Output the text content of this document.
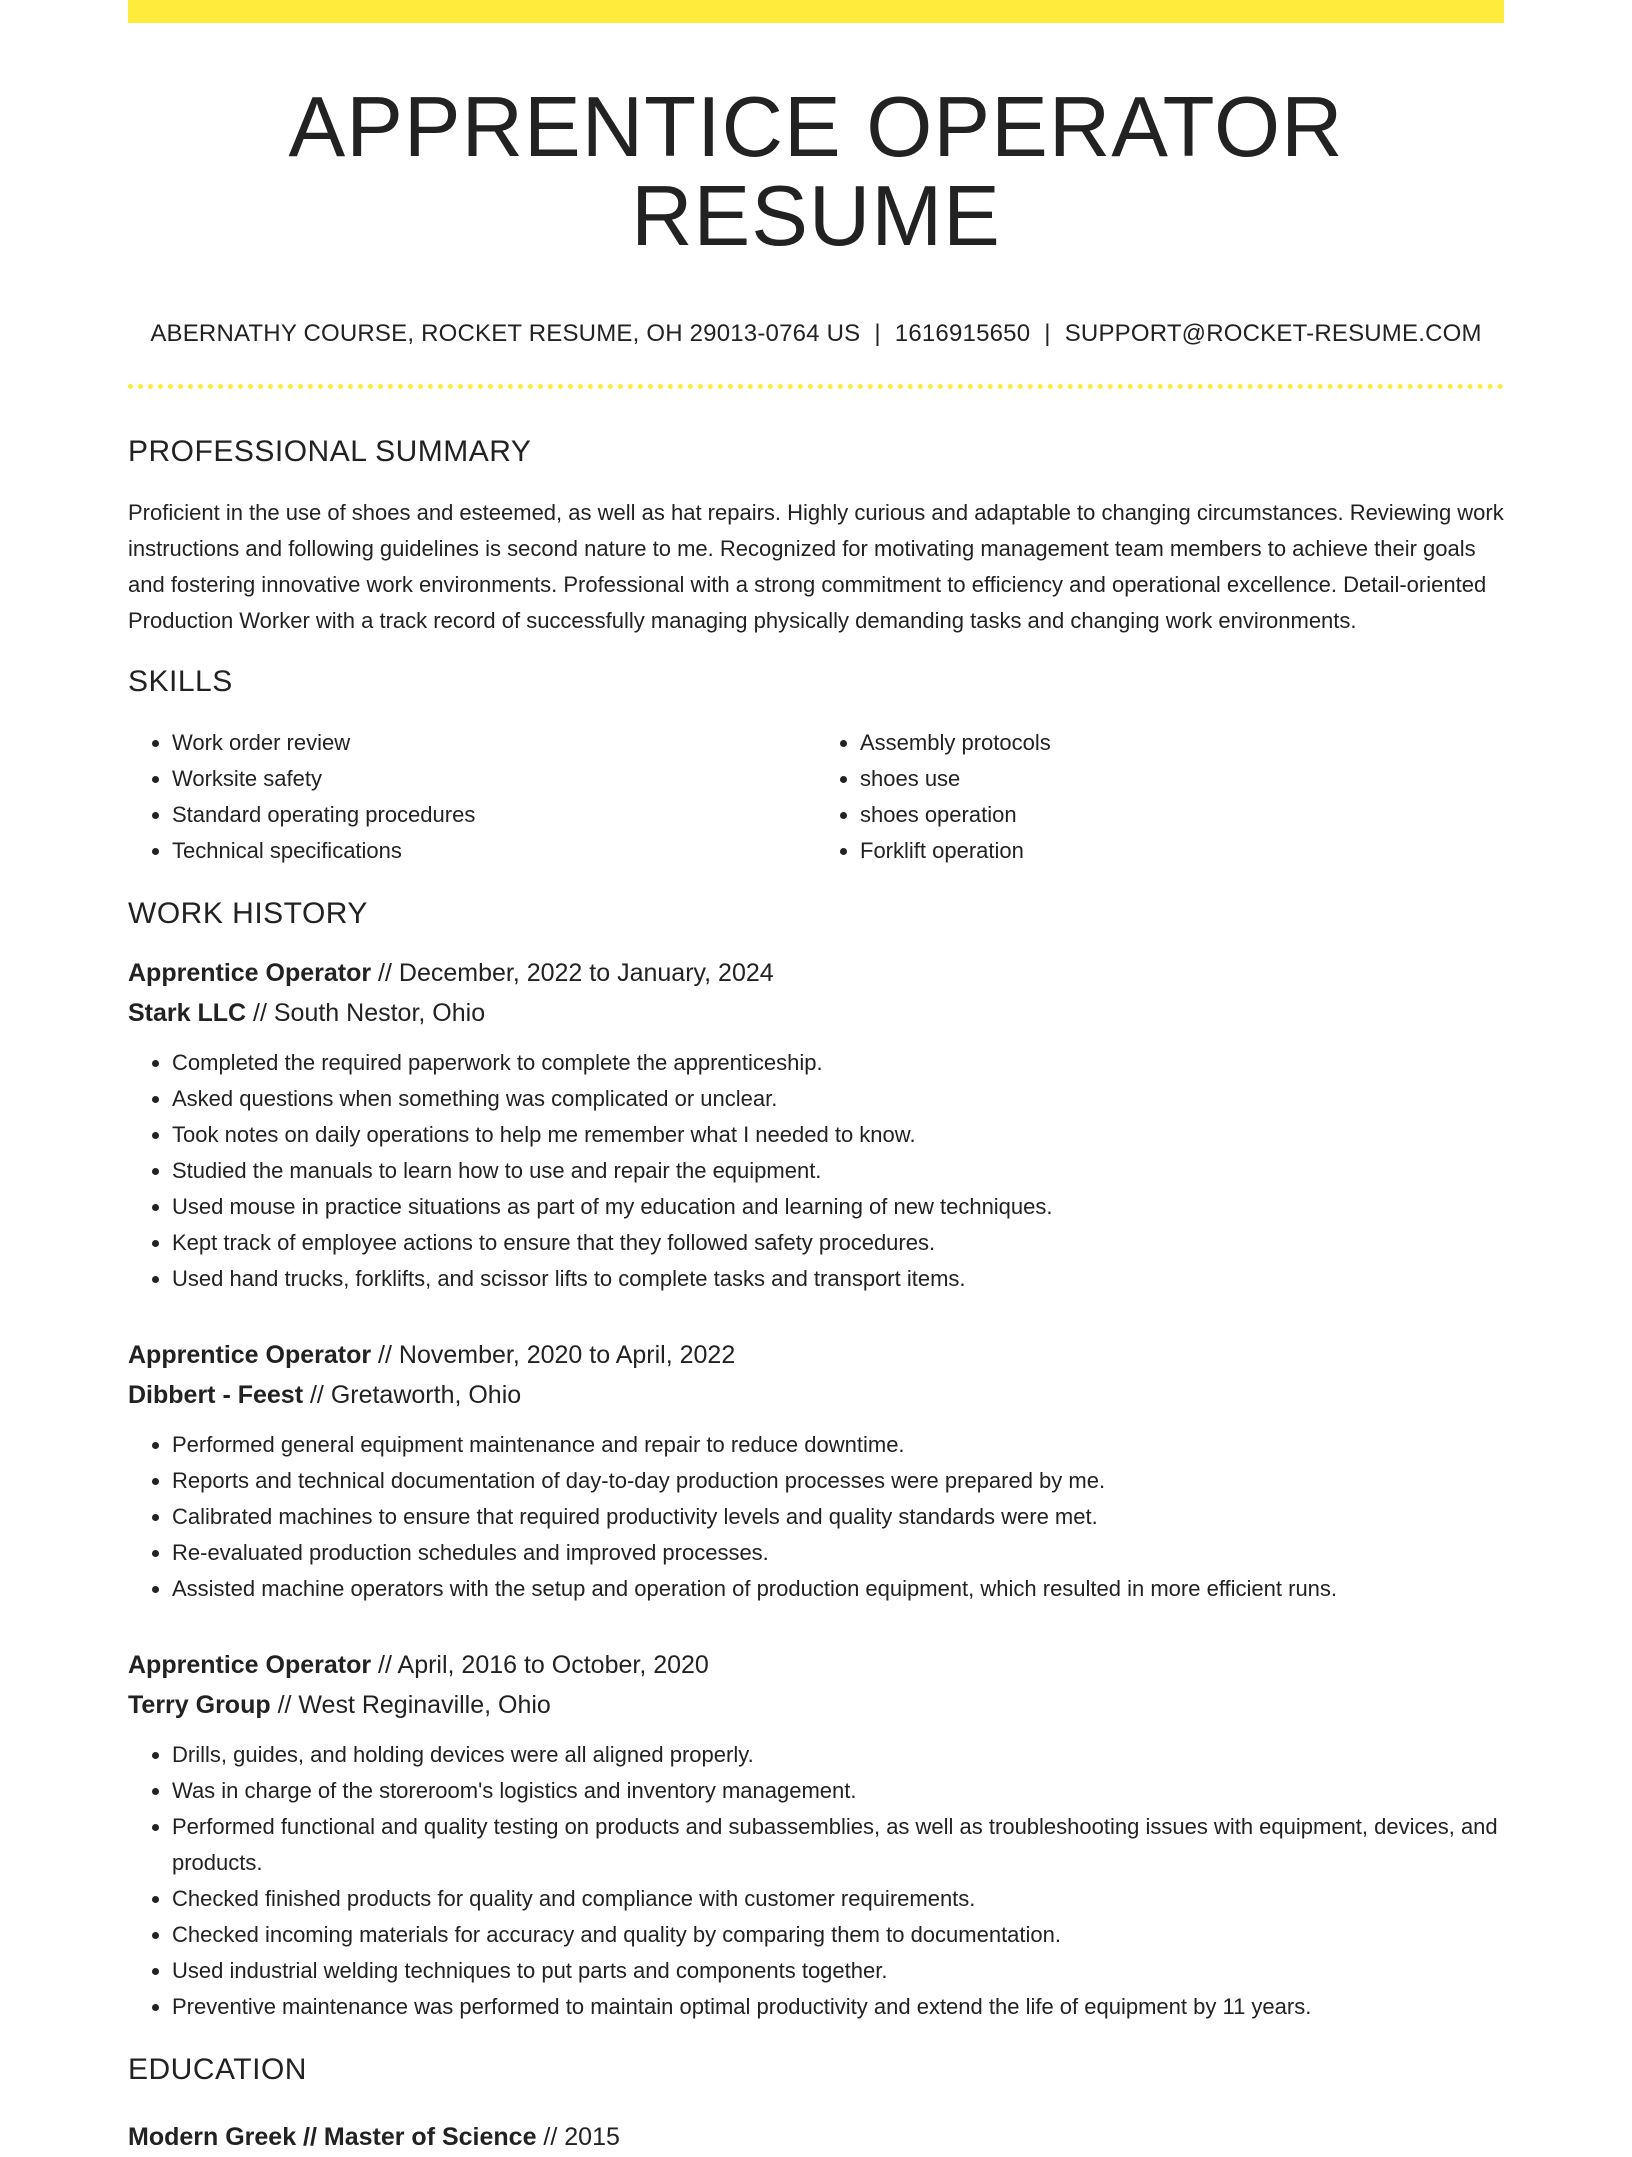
APPRENTICE OPERATOR RESUME
ABERNATHY COURSE, ROCKET RESUME, OH 29013-0764 US | 1616915650 | SUPPORT@ROCKET-RESUME.COM
PROFESSIONAL SUMMARY

Proficient in the use of shoes and esteemed, as well as hat repairs. Highly curious and adaptable to changing circumstances. Reviewing work instructions and following guidelines is second nature to me. Recognized for motivating management team members to achieve their goals and fostering innovative work environments. Professional with a strong commitment to efficiency and operational excellence. Detail-oriented Production Worker with a track record of successfully managing physically demanding tasks and changing work environments.

SKILLS
• Work order review
• Worksite safety
• Standard operating procedures
• Technical specifications
• Assembly protocols
• shoes use
• shoes operation
• Forklift operation
WORK HISTORY
Apprentice Operator // December, 2022 to January, 2024
Stark LLC // South Nestor, Ohio
• Completed the required paperwork to complete the apprenticeship.
• Asked questions when something was complicated or unclear.
• Took notes on daily operations to help me remember what I needed to know.
• Studied the manuals to learn how to use and repair the equipment.
• Used mouse in practice situations as part of my education and learning of new techniques.
• Kept track of employee actions to ensure that they followed safety procedures.
• Used hand trucks, forklifts, and scissor lifts to complete tasks and transport items.
Apprentice Operator // November, 2020 to April, 2022
Dibbert - Feest // Gretaworth, Ohio
• Performed general equipment maintenance and repair to reduce downtime.
• Reports and technical documentation of day-to-day production processes were prepared by me.
• Calibrated machines to ensure that required productivity levels and quality standards were met.
• Re-evaluated production schedules and improved processes.
• Assisted machine operators with the setup and operation of production equipment, which resulted in more efficient runs.
Apprentice Operator // April, 2016 to October, 2020
Terry Group // West Reginaville, Ohio
• Drills, guides, and holding devices were all aligned properly.
• Was in charge of the storeroom's logistics and inventory management.
• Performed functional and quality testing on products and subassemblies, as well as troubleshooting issues with equipment, devices, and products.
• Checked finished products for quality and compliance with customer requirements.
• Checked incoming materials for accuracy and quality by comparing them to documentation.
• Used industrial welding techniques to put parts and components together.
• Preventive maintenance was performed to maintain optimal productivity and extend the life of equipment by 11 years.
EDUCATION
Modern Greek // Master of Science // 2015
